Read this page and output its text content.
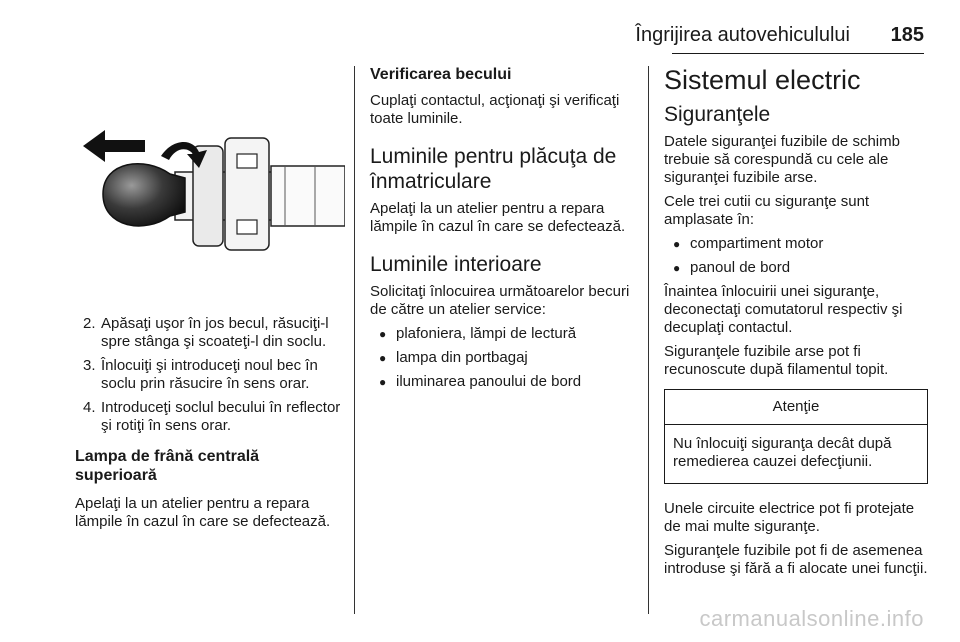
Îngrijirea autovehiculului 185
2. Apăsaţi uşor în jos becul, răsuciţi-l spre stânga şi scoateţi-l din soclu.
3. Înlocuiţi şi introduceţi noul bec în soclu prin răsucire în sens orar.
4. Introduceţi soclul becului în reflector şi rotiţi în sens orar.
Lampa de frână centrală superioară

Apelaţi la un atelier pentru a repara lămpile în cazul în care se defectează.

Verificarea becului

Cuplaţi contactul, acţionaţi şi verificaţi toate luminile.

Luminile pentru plăcuţa de înmatriculare

Apelaţi la un atelier pentru a repara lămpile în cazul în care se defectează.

Luminile interioare

Solicitaţi înlocuirea următoarelor becuri de către un atelier service:

● plafoniera, lămpi de lectură
● lampa din portbagaj
● iluminarea panoului de bord
Sistemul electric
Siguranţele

Datele siguranţei fuzibile de schimb trebuie să corespundă cu cele ale siguranţei fuzibile arse.

Cele trei cutii cu siguranţe sunt amplasate în:

● compartiment motor
● panoul de bord

Înaintea înlocuirii unei siguranţe, deconectaţi comutatorul respectiv şi decuplaţi contactul.

Siguranţele fuzibile arse pot fi recunoscute după filamentul topit.

Atenţie
Nu înlocuiţi siguranţa decât după remedierea cauzei defecţiunii.

Unele circuite electrice pot fi protejate de mai multe siguranţe.

Siguranţele fuzibile pot fi de asemenea introduse şi fără a fi alocate unei funcţii.

carmanualsonline.info
